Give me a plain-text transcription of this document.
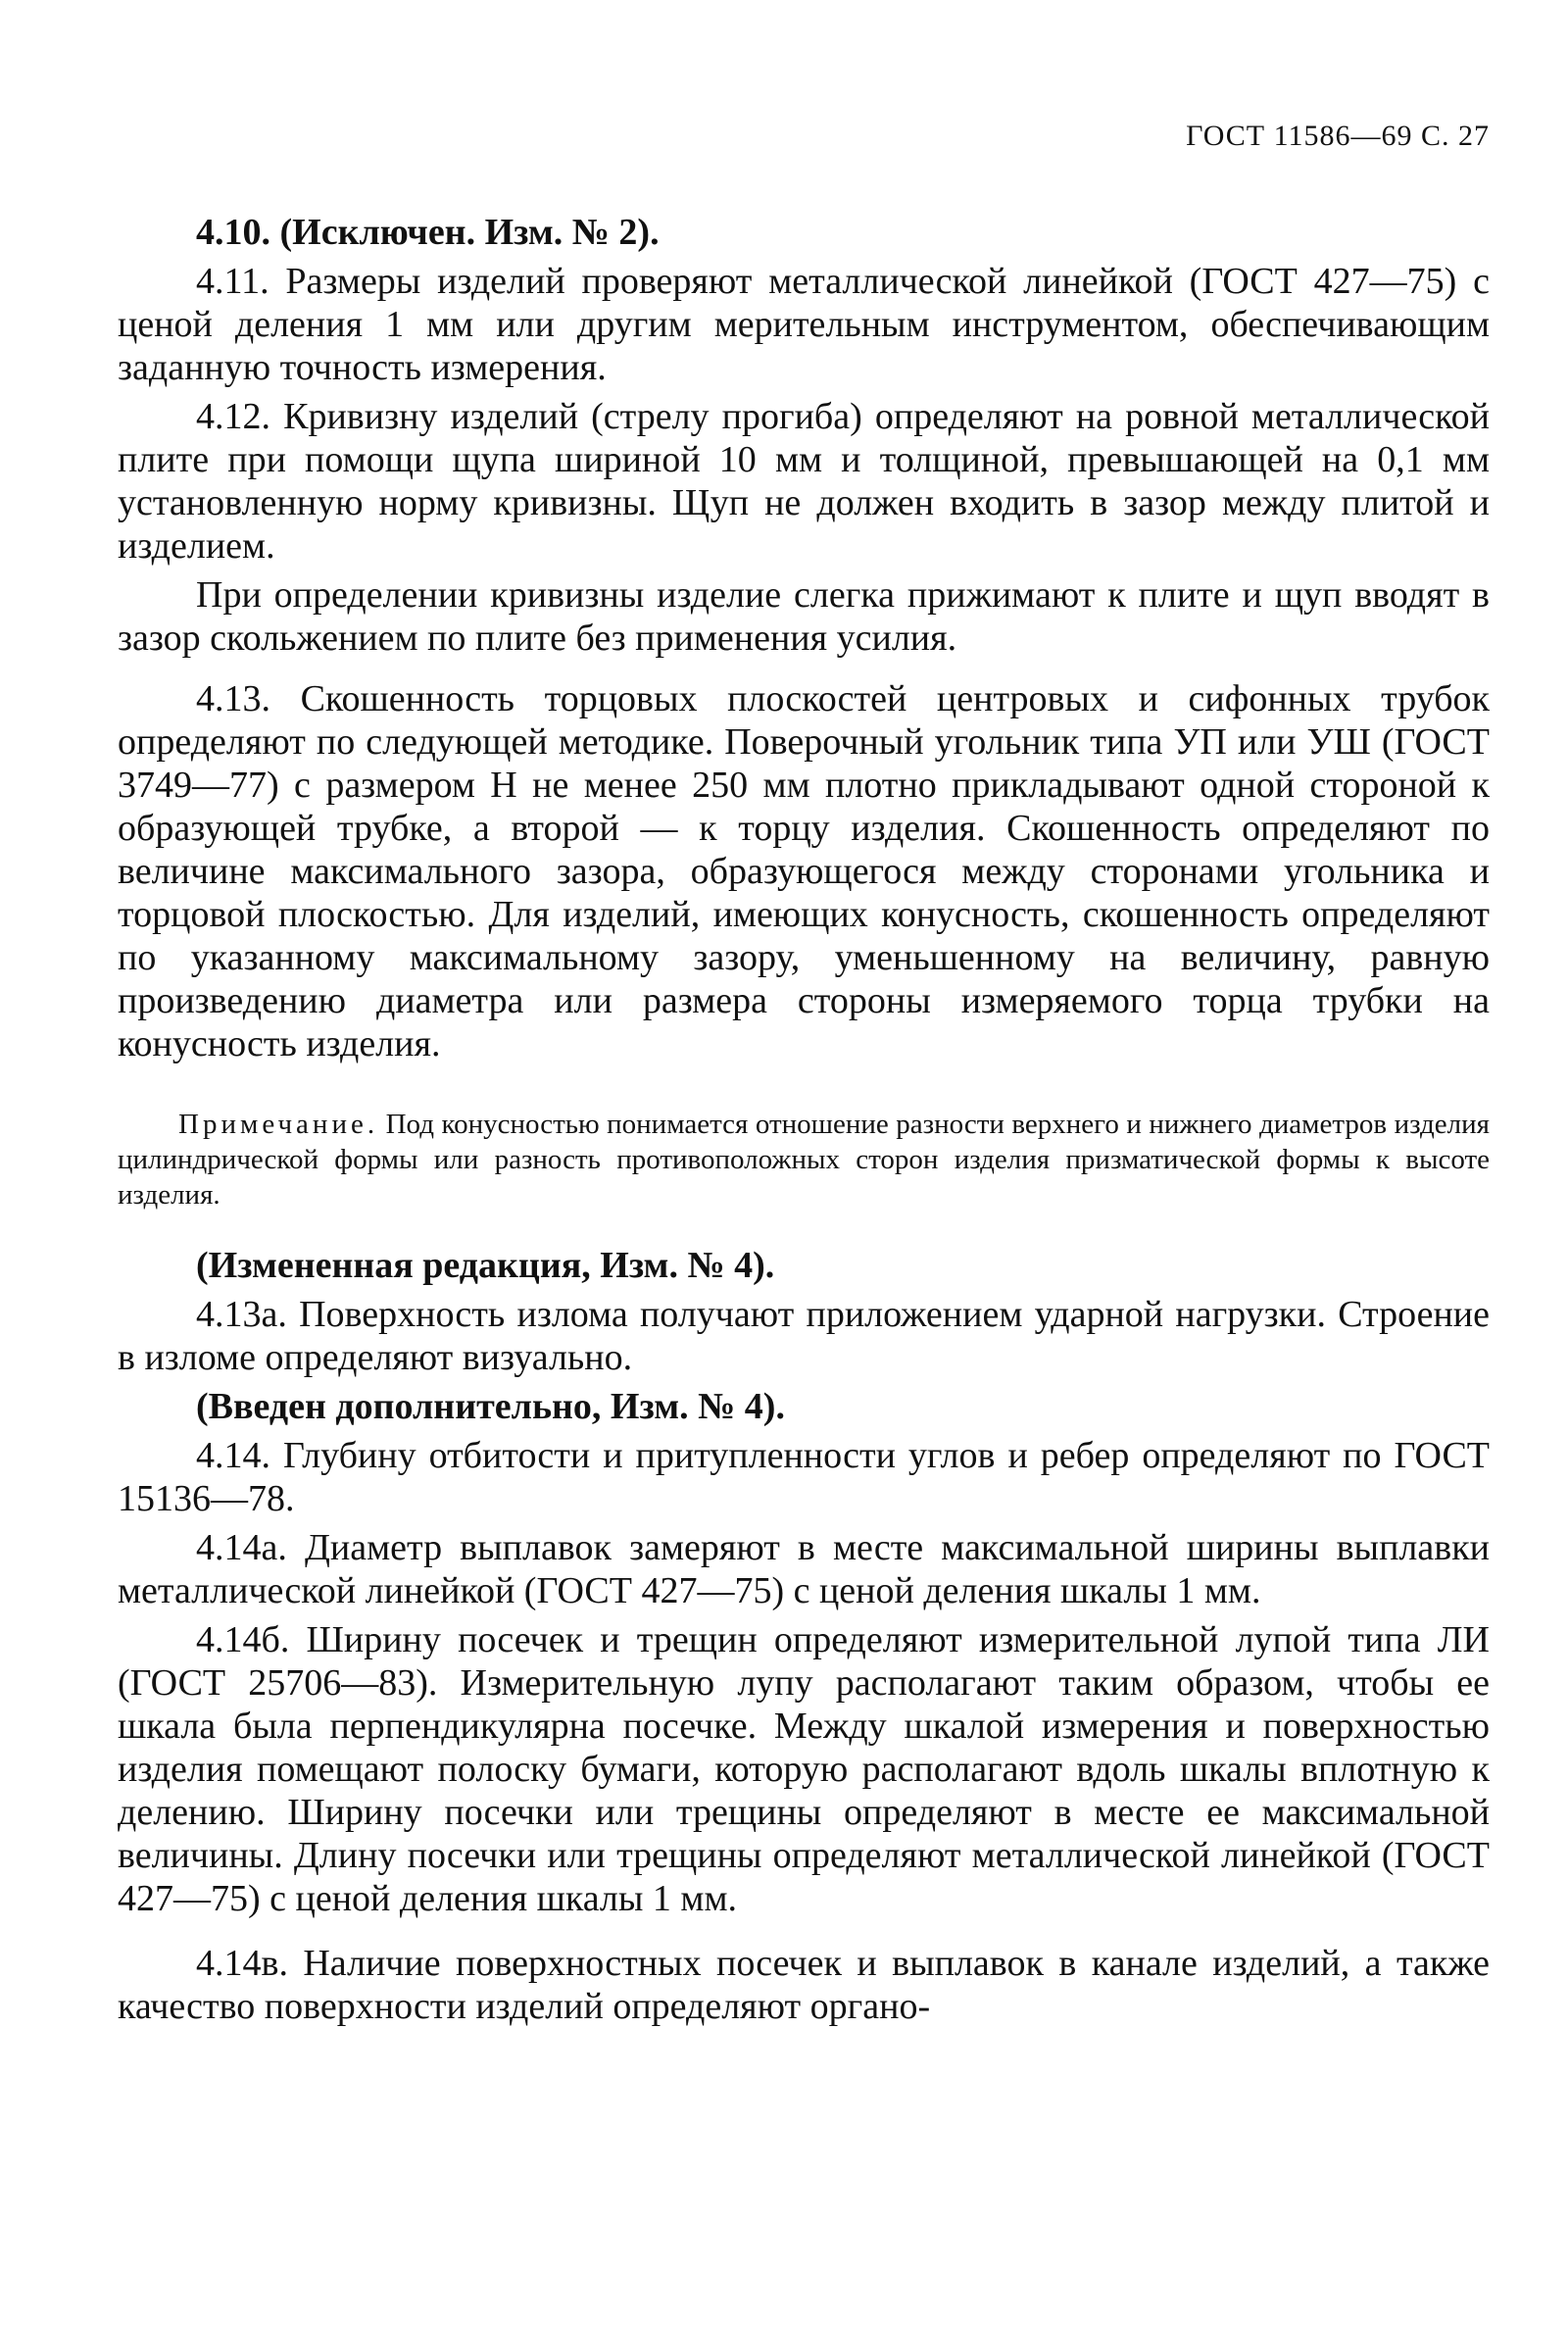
ГОСТ 11586—69 С. 27

4.10. (Исключен. Изм. № 2).

4.11. Размеры изделий проверяют металлической линейкой (ГОСТ 427—75) с ценой деления 1 мм или другим мерительным инструментом, обеспечивающим заданную точность измерения.

4.12. Кривизну изделий (стрелу прогиба) определяют на ровной металлической плите при помощи щупа шириной 10 мм и толщиной, превышающей на 0,1 мм установленную норму кривизны. Щуп не должен входить в зазор между плитой и изделием.

При определении кривизны изделие слегка прижимают к плите и щуп вводят в зазор скольжением по плите без применения усилия.

4.13. Скошенность торцовых плоскостей центровых и сифонных трубок определяют по следующей методике. Поверочный угольник типа УП или УШ (ГОСТ 3749—77) с размером Н не менее 250 мм плотно прикладывают одной стороной к образующей трубке, а второй — к торцу изделия. Скошенность определяют по величине максимального зазора, образующегося между сторонами угольника и торцовой плоскостью. Для изделий, имеющих конусность, скошенность определяют по указанному максимальному зазору, уменьшенному на величину, равную произведению диаметра или размера стороны измеряемого торца трубки на конусность изделия.

Примечание. Под конусностью понимается отношение разности верхнего и нижнего диаметров изделия цилиндрической формы или разность противоположных сторон изделия призматической формы к высоте изделия.

(Измененная редакция, Изм. № 4).

4.13а. Поверхность излома получают приложением ударной нагрузки. Строение в изломе определяют визуально.

(Введен дополнительно, Изм. № 4).

4.14. Глубину отбитости и притупленности углов и ребер определяют по ГОСТ 15136—78.

4.14а. Диаметр выплавок замеряют в месте максимальной ширины выплавки металлической линейкой (ГОСТ 427—75) с ценой деления шкалы 1 мм.

4.14б. Ширину посечек и трещин определяют измерительной лупой типа ЛИ (ГОСТ 25706—83). Измерительную лупу располагают таким образом, чтобы ее шкала была перпендикулярна посечке. Между шкалой измерения и поверхностью изделия помещают полоску бумаги, которую располагают вдоль шкалы вплотную к делению. Ширину посечки или трещины определяют в месте ее максимальной величины. Длину посечки или трещины определяют металлической линейкой (ГОСТ 427—75) с ценой деления шкалы 1 мм.

4.14в. Наличие поверхностных посечек и выплавок в канале изделий, а также качество поверхности изделий определяют органо-
